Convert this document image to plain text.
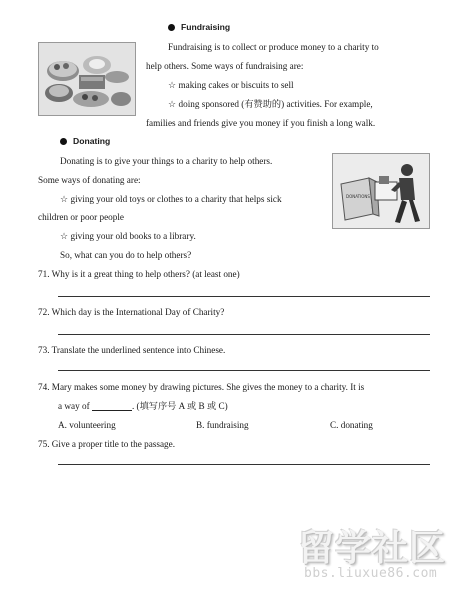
Fundraising
Fundraising is to collect or produce money to a charity to
help others. Some ways of fundraising are:
☆ making cakes or biscuits to sell
☆ doing sponsored (有赞助的) activities. For example,
families and friends give you money if you finish a long walk.
Donating
Donating is to give your things to a charity to help others.
Some ways of donating are:
☆ giving your old toys or clothes to a charity that helps sick
children or poor people
☆ giving your old books to a library.
So, what can you do to help others?
DONATIONS
71. Why is it a great thing to help others? (at least one)
72. Which day is the International Day of Charity?
73. Translate the underlined sentence into Chinese.
74. Mary makes some money by drawing pictures. She gives the money to a charity. It is
a way of	. (填写序号 A 或 B 或 C)
A. volunteering	B. fundraising	C. donating
75. Give a proper title to the passage.
留学社区
bbs.liuxue86.com
